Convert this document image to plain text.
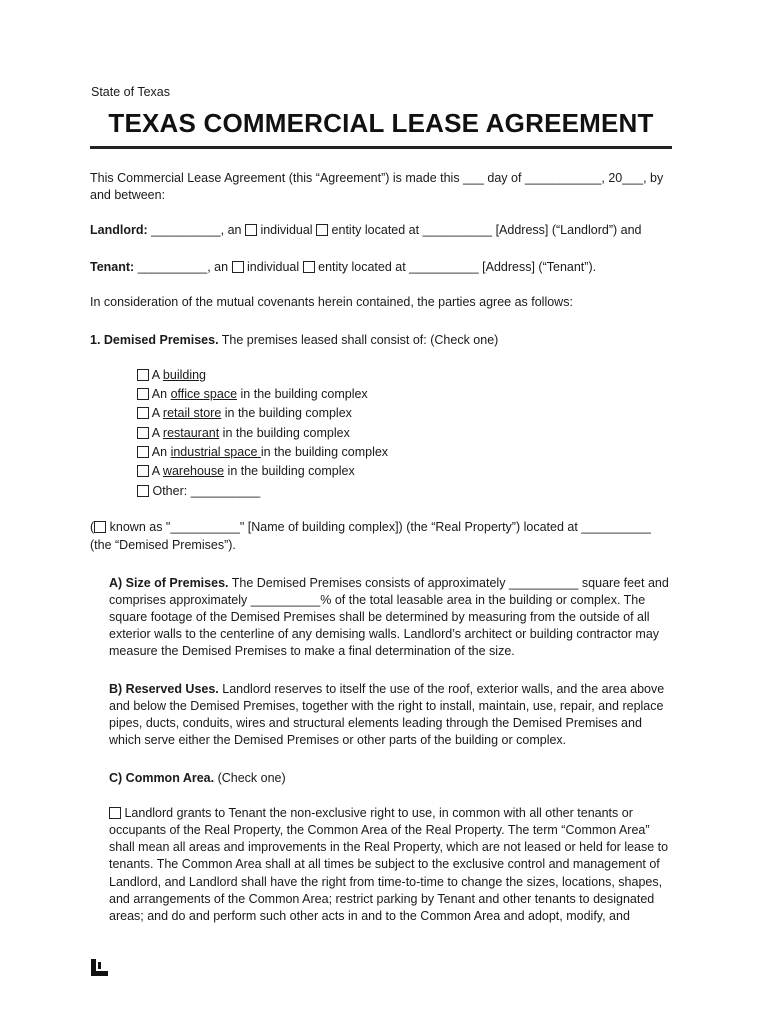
State of Texas
TEXAS COMMERCIAL LEASE AGREEMENT
This Commercial Lease Agreement (this “Agreement”) is made this ___ day of ___________, 20___, by
and between:
Landlord: __________, an  individual entity located at __________ [Address] (“Landlord”) and
Tenant: __________, an  individual entity located at __________ [Address] (“Tenant”).
In consideration of the mutual covenants herein contained, the parties agree as follows:
1. Demised Premises. The premises leased shall consist of: (Check one)
A building
An office space in the building complex
A retail store in the building complex
A restaurant in the building complex
An industrial space in the building complex
A warehouse in the building complex
Other: __________
( known as "__________" [Name of building complex]) (the “Real Property”) located at __________
(the “Demised Premises”).
A) Size of Premises. The Demised Premises consists of approximately __________ square feet and
comprises approximately __________% of the total leasable area in the building or complex. The
square footage of the Demised Premises shall be determined by measuring from the outside of all
exterior walls to the centerline of any demising walls. Landlord’s architect or building contractor may
measure the Demised Premises to make a final determination of the size.
B) Reserved Uses. Landlord reserves to itself the use of the roof, exterior walls, and the area above
and below the Demised Premises, together with the right to install, maintain, use, repair, and replace
pipes, ducts, conduits, wires and structural elements leading through the Demised Premises and
which serve either the Demised Premises or other parts of the building or complex.
C) Common Area. (Check one)
Landlord grants to Tenant the non-exclusive right to use, in common with all other tenants or
occupants of the Real Property, the Common Area of the Real Property. The term “Common Area”
shall mean all areas and improvements in the Real Property, which are not leased or held for lease to
tenants. The Common Area shall at all times be subject to the exclusive control and management of
Landlord, and Landlord shall have the right from time-to-time to change the sizes, locations, shapes,
and arrangements of the Common Area; restrict parking by Tenant and other tenants to designated
areas; and do and perform such other acts in and to the Common Area and adopt, modify, and
